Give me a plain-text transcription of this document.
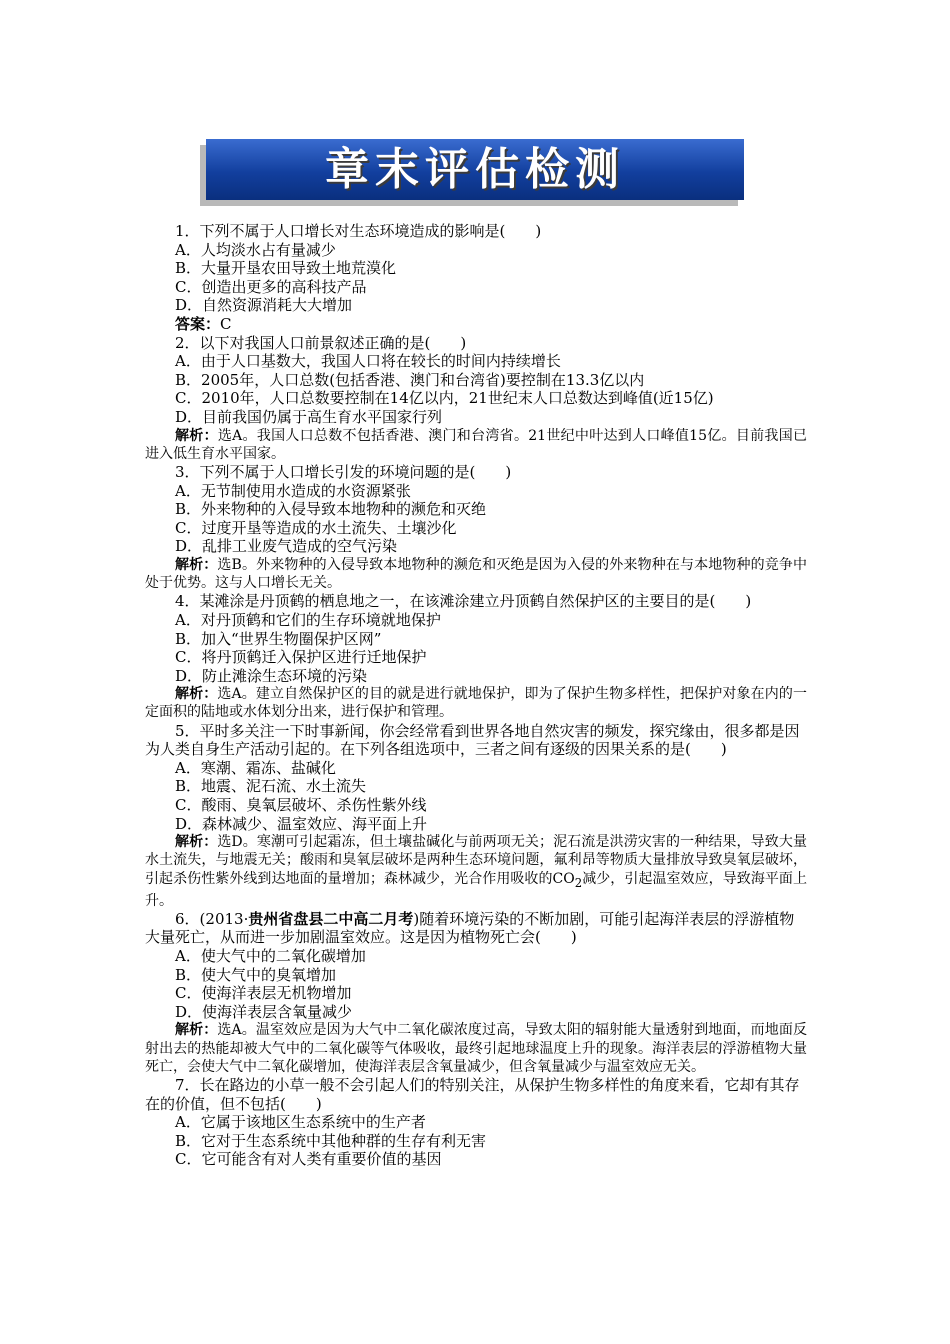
章末评估检测

1．下列不属于人口增长对生态环境造成的影响是(　　)

A．人均淡水占有量减少

B．大量开垦农田导致土地荒漠化

C．创造出更多的高科技产品

D．自然资源消耗大大增加

答案：C

2．以下对我国人口前景叙述正确的是(　　)

A．由于人口基数大，我国人口将在较长的时间内持续增长

B．2005年，人口总数(包括香港、澳门和台湾省)要控制在13.3亿以内

C．2010年，人口总数要控制在14亿以内，21世纪末人口总数达到峰值(近15亿)

D．目前我国仍属于高生育水平国家行列

解析：选A。我国人口总数不包括香港、澳门和台湾省。21世纪中叶达到人口峰值15亿。目前我国已进入低生育水平国家。

3．下列不属于人口增长引发的环境问题的是(　　)

A．无节制使用水造成的水资源紧张

B．外来物种的入侵导致本地物种的濒危和灭绝

C．过度开垦等造成的水土流失、土壤沙化

D．乱排工业废气造成的空气污染

解析：选B。外来物种的入侵导致本地物种的濒危和灭绝是因为入侵的外来物种在与本地物种的竞争中处于优势。这与人口增长无关。

4．某滩涂是丹顶鹤的栖息地之一，在该滩涂建立丹顶鹤自然保护区的主要目的是(　　)

A．对丹顶鹤和它们的生存环境就地保护

B．加入“世界生物圈保护区网”

C．将丹顶鹤迁入保护区进行迁地保护

D．防止滩涂生态环境的污染

解析：选A。建立自然保护区的目的就是进行就地保护，即为了保护生物多样性，把保护对象在内的一定面积的陆地或水体划分出来，进行保护和管理。

5．平时多关注一下时事新闻，你会经常看到世界各地自然灾害的频发，探究缘由，很多都是因为人类自身生产活动引起的。在下列各组选项中，三者之间有逐级的因果关系的是(　　)

A．寒潮、霜冻、盐碱化

B．地震、泥石流、水土流失

C．酸雨、臭氧层破坏、杀伤性紫外线

D．森林减少、温室效应、海平面上升

解析：选D。寒潮可引起霜冻，但土壤盐碱化与前两项无关；泥石流是洪涝灾害的一种结果，导致大量水土流失，与地震无关；酸雨和臭氧层破坏是两种生态环境问题，氟利昂等物质大量排放导致臭氧层破坏，引起杀伤性紫外线到达地面的量增加；森林减少，光合作用吸收的$CO_2$减少，引起温室效应，导致海平面上升。

6．(2013·贵州省盘县二中高二月考)随着环境污染的不断加剧，可能引起海洋表层的浮游植物大量死亡，从而进一步加剧温室效应。这是因为植物死亡会(　　)

A．使大气中的二氧化碳增加

B．使大气中的臭氧增加

C．使海洋表层无机物增加

D．使海洋表层含氧量减少

解析：选A。温室效应是因为大气中二氧化碳浓度过高，导致太阳的辐射能大量透射到地面，而地面反射出去的热能却被大气中的二氧化碳等气体吸收，最终引起地球温度上升的现象。海洋表层的浮游植物大量死亡，会使大气中二氧化碳增加，使海洋表层含氧量减少，但含氧量减少与温室效应无关。

7．长在路边的小草一般不会引起人们的特别关注，从保护生物多样性的角度来看，它却有其存在的价值，但不包括(　　)

A．它属于该地区生态系统中的生产者

B．它对于生态系统中其他种群的生存有利无害

C．它可能含有对人类有重要价值的基因
